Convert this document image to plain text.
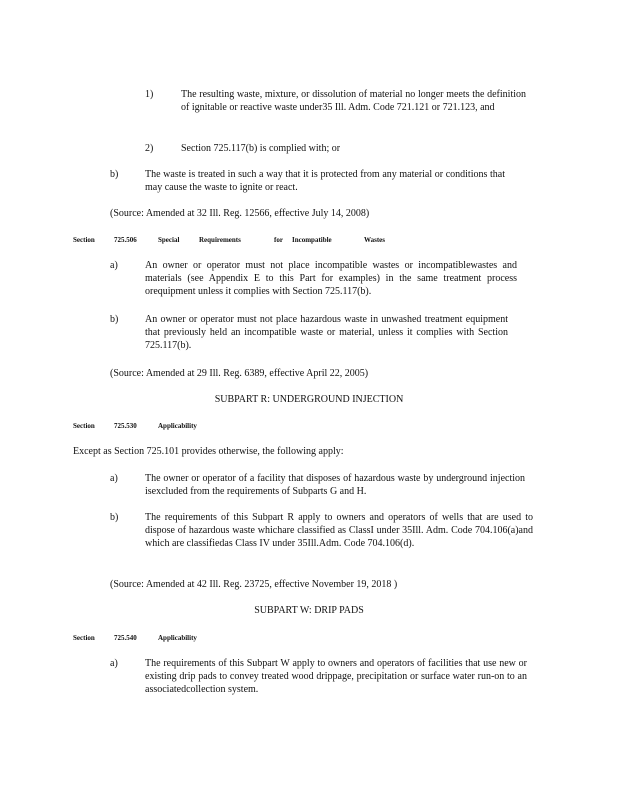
1)	The resulting waste, mixture, or dissolution of material no longer meets the definition of ignitable or reactive waste under35 Ill. Adm. Code 721.121 or 721.123, and
2)	Section 725.117(b) is complied with; or
b)	The waste is treated in such a way that it is protected from any material or conditions that may cause the waste to ignite or react.
(Source: Amended at 32 Ill. Reg. 12566, effective July 14, 2008)
Section	725.506	Special	Requirements	for Incompatible	Wastes
a)	An owner or operator must not place incompatible wastes or incompatiblewastes and materials (see Appendix E to this Part for examples) in the same treatment process orequipment unless it complies with Section 725.117(b).
b)	An owner or operator must not place hazardous waste in unwashed treatment equipment that previously held an incompatible waste or material, unless it complies with Section 725.117(b).
(Source: Amended at 29 Ill. Reg. 6389, effective April 22, 2005)
SUBPART R: UNDERGROUND INJECTION
Section	725.530	Applicability
Except as Section 725.101 provides otherwise, the following apply:
a)	The owner or operator of a facility that disposes of hazardous waste by underground injection isexcluded from the requirements of Subparts G and H.
b)	The requirements of this Subpart R apply to owners and operators of wells that are used to dispose of hazardous waste whichare classified as ClassI under 35Ill. Adm. Code 704.106(a)and which are classifiedas Class IV under 35Ill.Adm. Code 704.106(d).
(Source: Amended at 42 Ill. Reg. 23725, effective November 19, 2018 )
SUBPART W: DRIP PADS
Section	725.540	Applicability
a)	The requirements of this Subpart W apply to owners and operators of facilities that use new or existing drip pads to convey treated wood drippage, precipitation or surface water run-on to an associatedcollection system.
